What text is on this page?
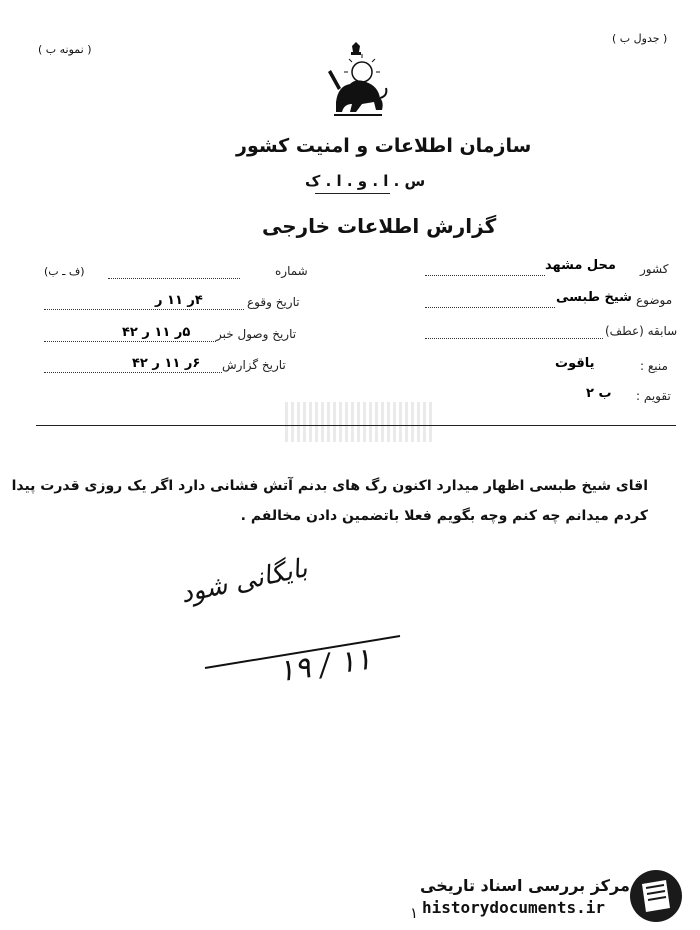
( جدول ب )
( نمونه ب )
سازمان اطلاعات و امنیت کشور
س . ا . و . ا . ک
گزارش اطلاعات خارجی
کشور
محل مشهد
موضوع
شیخ طبسی
سابقه (عطف)
منبع :
یاقوت
تقویم :
ب ۲
شماره
(ف ـ ب)
تاریخ وقوع
۴ر ۱۱ ر
تاریخ وصول خبر
۵ر ۱۱ ر ۴۲
تاریخ گزارش
۶ر ۱۱ ر ۴۲
اقای شیخ طبسی اظهار میدارد اکنون رگ های بدنم آتش فشانی دارد اگر یک روزی قدرت پیدا
کردم میدانم چه کنم وچه بگویم فعلا باتضمین دادن مخالفم .
بایگانی شود
۱۹ / ۱۱
مرکز بررسی اسناد تاریخی
historydocuments.ir
۱
